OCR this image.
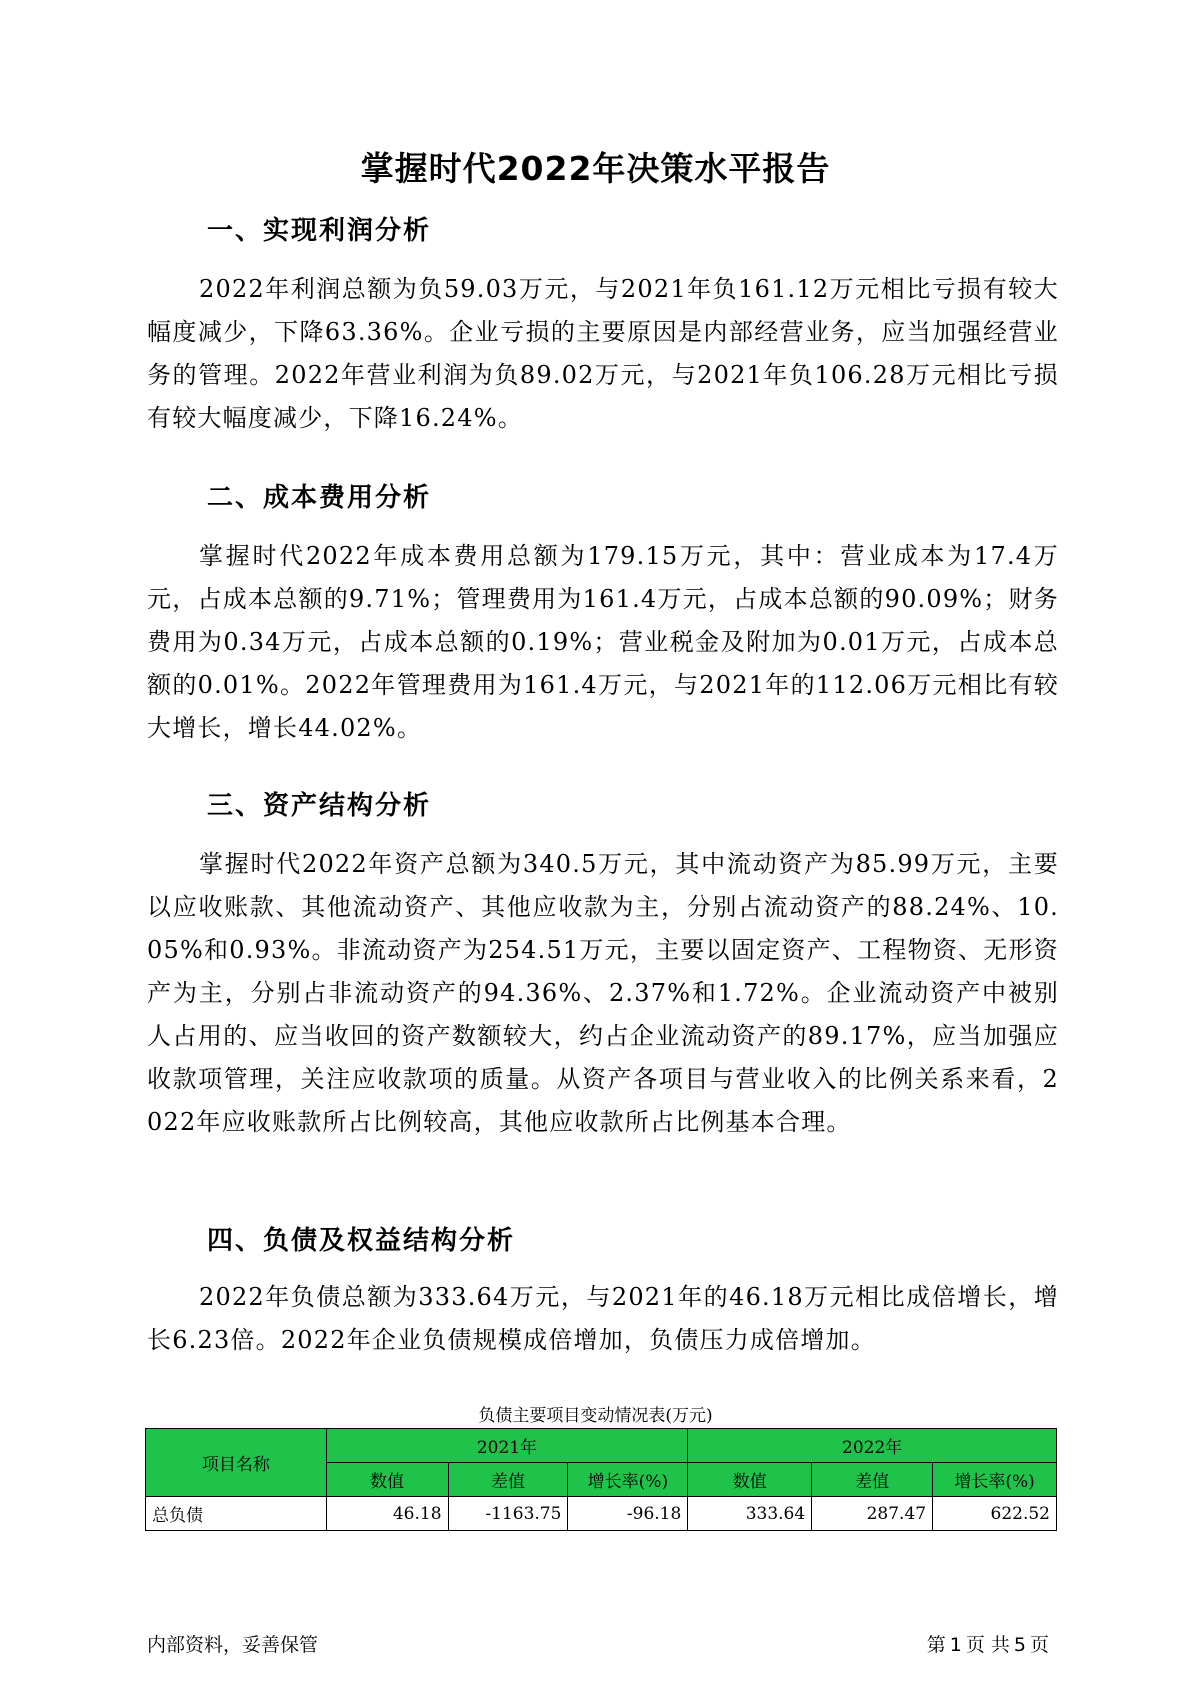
掌握时代2022年决策水平报告
一、实现利润分析
2022年利润总额为负59.03万元，与2021年负161.12万元相比亏损有较大幅度减少，下降63.36%。企业亏损的主要原因是内部经营业务，应当加强经营业务的管理。2022年营业利润为负89.02万元，与2021年负106.28万元相比亏损有较大幅度减少，下降16.24%。
二、成本费用分析
掌握时代2022年成本费用总额为179.15万元，其中：营业成本为17.4万元，占成本总额的9.71%；管理费用为161.4万元，占成本总额的90.09%；财务费用为0.34万元，占成本总额的0.19%；营业税金及附加为0.01万元，占成本总额的0.01%。2022年管理费用为161.4万元，与2021年的112.06万元相比有较大增长，增长44.02%。
三、资产结构分析
掌握时代2022年资产总额为340.5万元，其中流动资产为85.99万元，主要以应收账款、其他流动资产、其他应收款为主，分别占流动资产的88.24%、10.05%和0.93%。非流动资产为254.51万元，主要以固定资产、工程物资、无形资产为主，分别占非流动资产的94.36%、2.37%和1.72%。企业流动资产中被别人占用的、应当收回的资产数额较大，约占企业流动资产的89.17%，应当加强应收款项管理，关注应收款项的质量。从资产各项目与营业收入的比例关系来看，2022年应收账款所占比例较高，其他应收款所占比例基本合理。
四、负债及权益结构分析
2022年负债总额为333.64万元，与2021年的46.18万元相比成倍增长，增长6.23倍。2022年企业负债规模成倍增加，负债压力成倍增加。
负债主要项目变动情况表(万元)
项目名称	2021年			2022年		
	数值	差值	增长率(%)	数值	差值	增长率(%)
总负债	46.18	-1163.75	-96.18	333.64	287.47	622.52
内部资料，妥善保管	第 1 页 共 5 页
